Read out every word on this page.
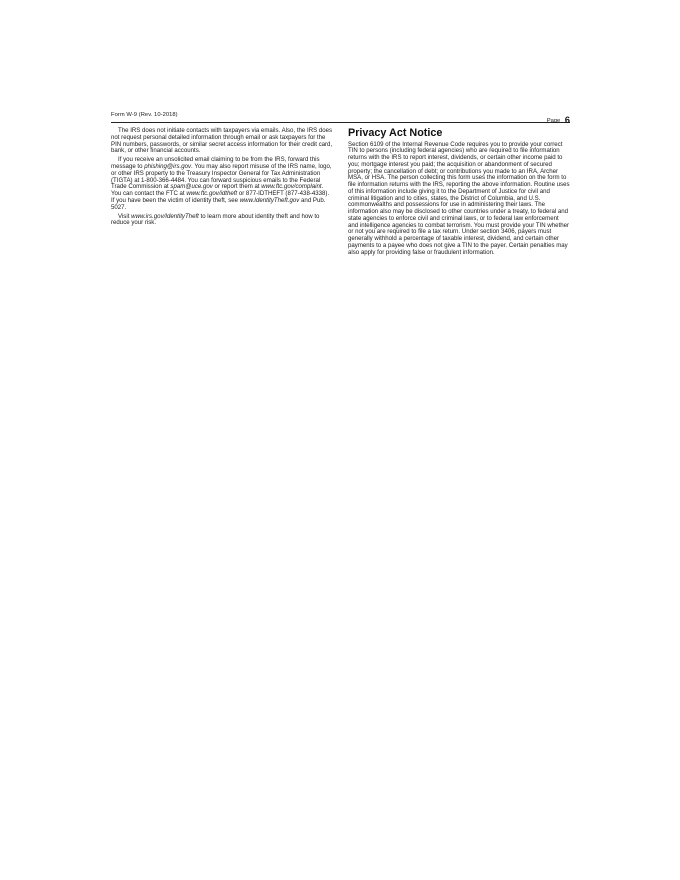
Form W-9 (Rev. 10-2018)
Page 6

The IRS does not initiate contacts with taxpayers via emails. Also, the IRS does not request personal detailed information through email or ask taxpayers for the PIN numbers, passwords, or similar secret access information for their credit card, bank, or other financial accounts.

If you receive an unsolicited email claiming to be from the IRS, forward this message to phishing@irs.gov. You may also report misuse of the IRS name, logo, or other IRS property to the Treasury Inspector General for Tax Administration (TIGTA) at 1-800-366-4484. You can forward suspicious emails to the Federal Trade Commission at spam@uce.gov or report them at www.ftc.gov/complaint. You can contact the FTC at www.ftc.gov/idtheft or 877-IDTHEFT (877-438-4338). If you have been the victim of identity theft, see www.IdentityTheft.gov and Pub. 5027.

Visit www.irs.gov/IdentityTheft to learn more about identity theft and how to reduce your risk.

Privacy Act Notice

Section 6109 of the Internal Revenue Code requires you to provide your correct TIN to persons (including federal agencies) who are required to file information returns with the IRS to report interest, dividends, or certain other income paid to you; mortgage interest you paid; the acquisition or abandonment of secured property; the cancellation of debt; or contributions you made to an IRA, Archer MSA, or HSA. The person collecting this form uses the information on the form to file information returns with the IRS, reporting the above information. Routine uses of this information include giving it to the Department of Justice for civil and criminal litigation and to cities, states, the District of Columbia, and U.S. commonwealths and possessions for use in administering their laws. The information also may be disclosed to other countries under a treaty, to federal and state agencies to enforce civil and criminal laws, or to federal law enforcement and intelligence agencies to combat terrorism. You must provide your TIN whether or not you are required to file a tax return. Under section 3406, payers must generally withhold a percentage of taxable interest, dividend, and certain other payments to a payee who does not give a TIN to the payer. Certain penalties may also apply for providing false or fraudulent information.
